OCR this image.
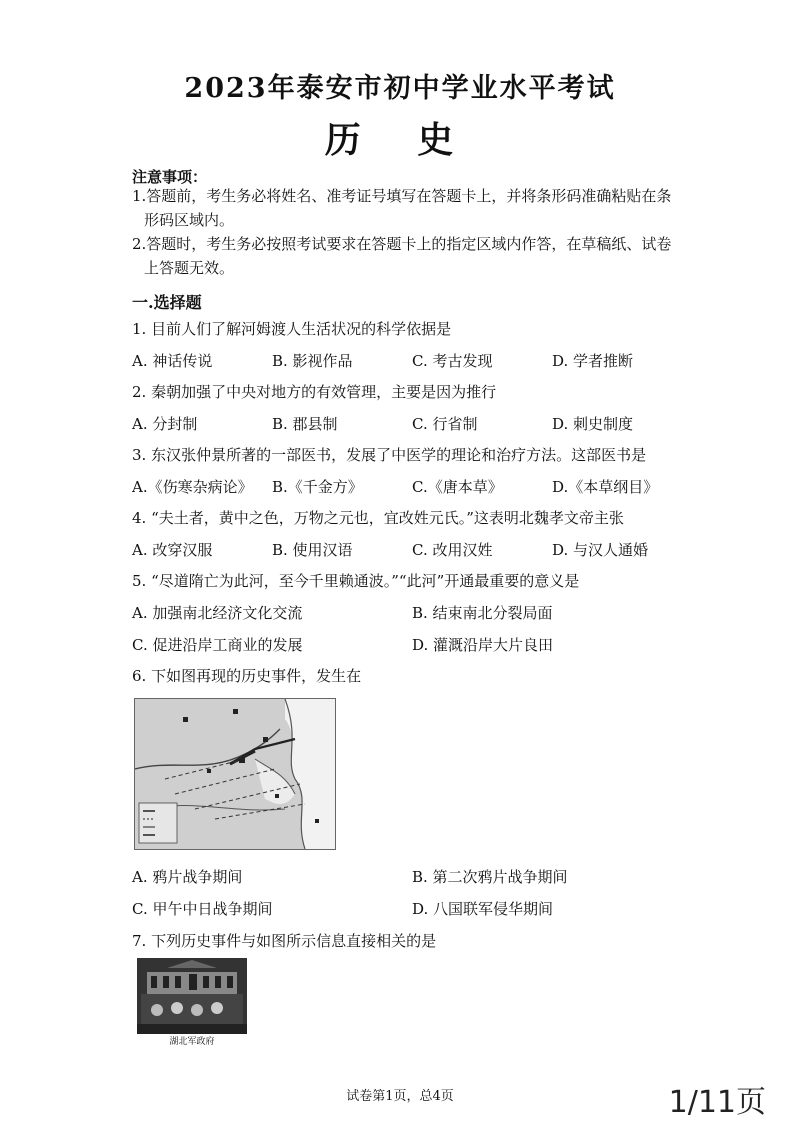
2023年泰安市初中学业水平考试
历 史
注意事项：
1.答题前，考生务必将姓名、准考证号填写在答题卡上，并将条形码准确粘贴在条
形码区域内。
2.答题时，考生务必按照考试要求在答题卡上的指定区域内作答，在草稿纸、试卷
上答题无效。
一.选择题
1. 目前人们了解河姆渡人生活状况的科学依据是
A. 神话传说	B. 影视作品	C. 考古发现	D. 学者推断
2. 秦朝加强了中央对地方的有效管理，主要是因为推行
A. 分封制	B. 郡县制	C. 行省制	D. 刺史制度
3. 东汉张仲景所著的一部医书，发展了中医学的理论和治疗方法。这部医书是
A.《伤寒杂病论》 B.《千金方》	C.《唐本草》	D.《本草纲目》
4. “夫土者，黄中之色，万物之元也，宜改姓元氏。”这表明北魏孝文帝主张
A. 改穿汉服	B. 使用汉语	C. 改用汉姓	D. 与汉人通婚
5. “尽道隋亡为此河，至今千里赖通波。”“此河”开通最重要的意义是
A. 加强南北经济文化交流	B. 结束南北分裂局面
C. 促进沿岸工商业的发展	D. 灌溉沿岸大片良田
6. 下如图再现的历史事件，发生在
A. 鸦片战争期间	B. 第二次鸦片战争期间
C. 甲午中日战争期间	D. 八国联军侵华期间
7. 下列历史事件与如图所示信息直接相关的是
湖北军政府
试卷第1页，总4页	1/11页
